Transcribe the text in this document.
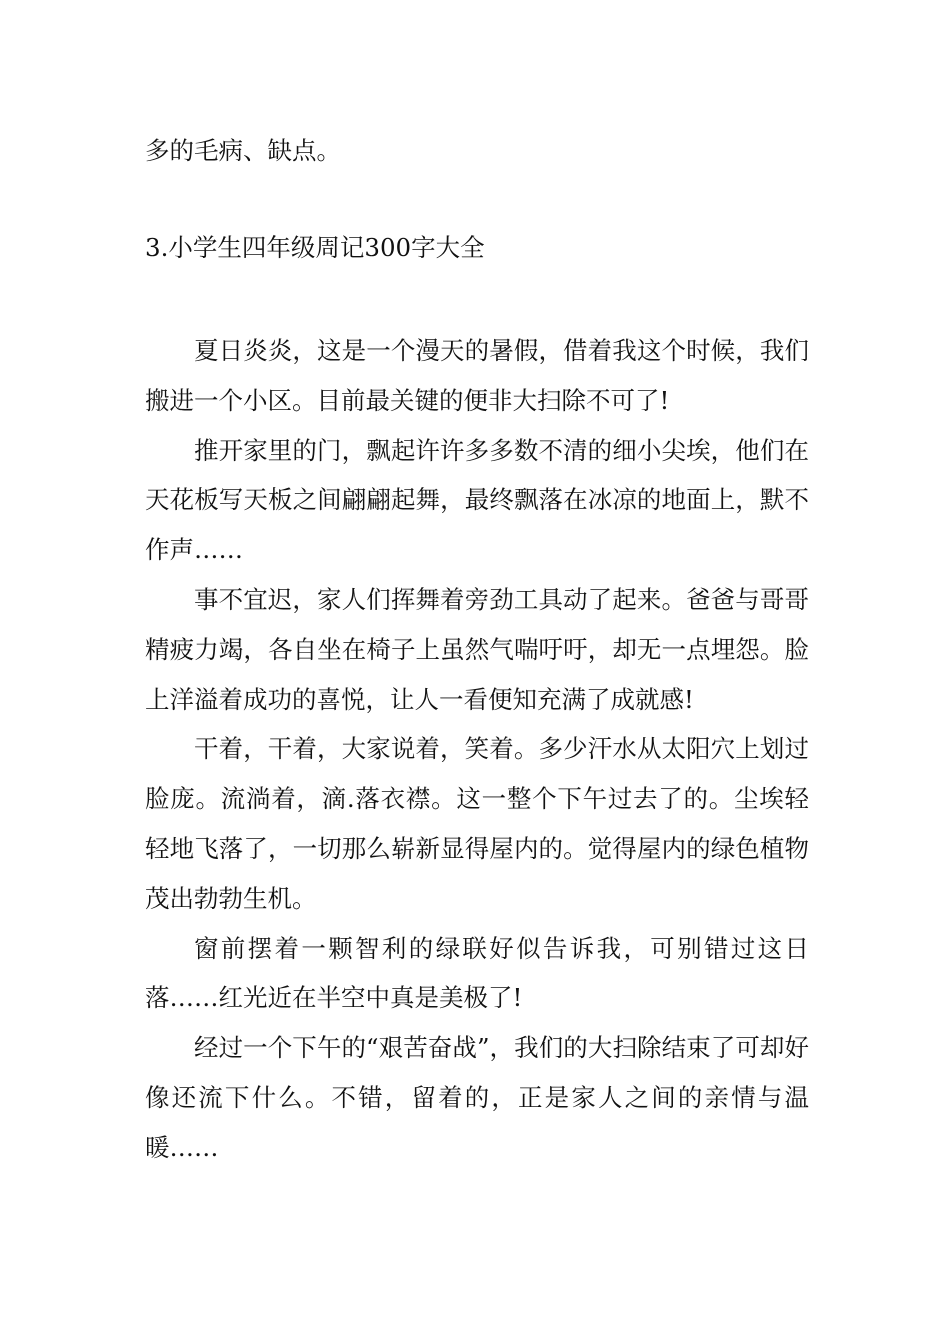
多的毛病、缺点。

3.小学生四年级周记300字大全

夏日炎炎，这是一个漫天的暑假，借着我这个时候，我们搬进一个小区。目前最关键的便非大扫除不可了!

推开家里的门，飘起许许多多数不清的细小尖埃，他们在天花板写天板之间翩翩起舞，最终飘落在冰凉的地面上，默不作声……

事不宜迟，家人们挥舞着旁劲工具动了起来。爸爸与哥哥精疲力竭，各自坐在椅子上虽然气喘吁吁，却无一点埋怨。脸上洋溢着成功的喜悦，让人一看便知充满了成就感!

干着，干着，大家说着，笑着。多少汗水从太阳穴上划过脸庞。流淌着，滴.落衣襟。这一整个下午过去了的。尘埃轻轻地飞落了，一切那么崭新显得屋内的。觉得屋内的绿色植物茂出勃勃生机。

窗前摆着一颗智利的绿联好似告诉我，可别错过这日落……红光近在半空中真是美极了!

经过一个下午的“艰苦奋战”，我们的大扫除结束了可却好像还流下什么。不错，留着的，正是家人之间的亲情与温暖……
